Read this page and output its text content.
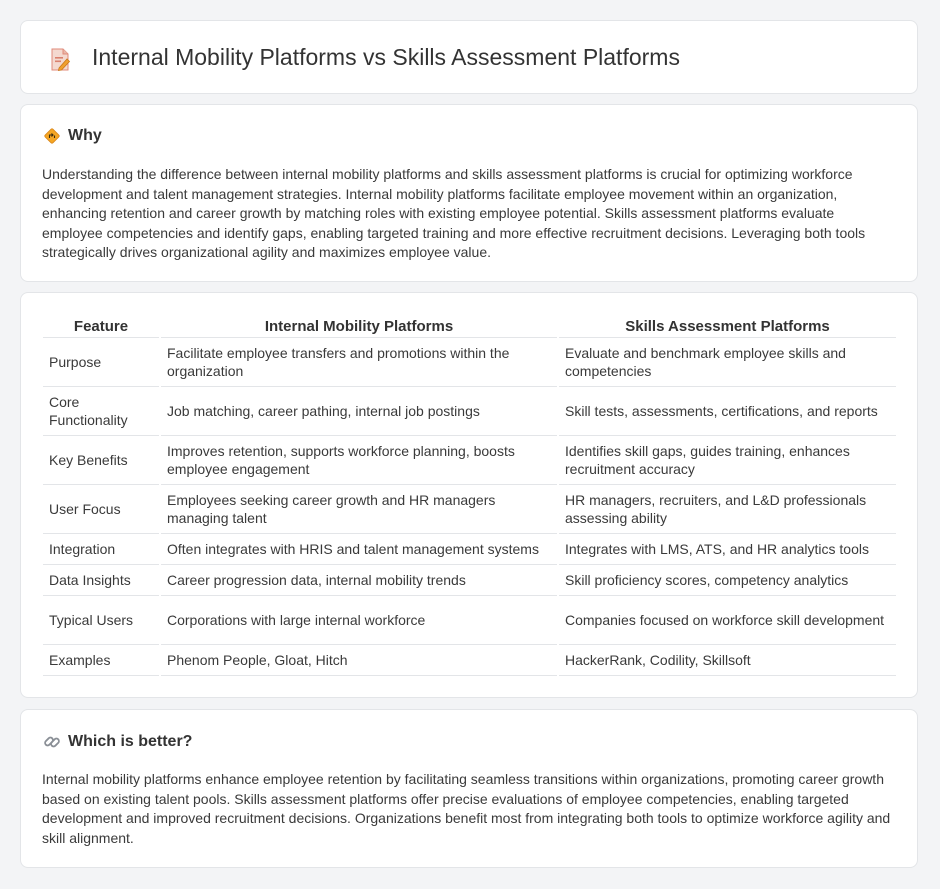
Internal Mobility Platforms vs Skills Assessment Platforms
Why
Understanding the difference between internal mobility platforms and skills assessment platforms is crucial for optimizing workforce development and talent management strategies. Internal mobility platforms facilitate employee movement within an organization, enhancing retention and career growth by matching roles with existing employee potential. Skills assessment platforms evaluate employee competencies and identify gaps, enabling targeted training and more effective recruitment decisions. Leveraging both tools strategically drives organizational agility and maximizes employee value.
Feature	Internal Mobility Platforms	Skills Assessment Platforms
Purpose	Facilitate employee transfers and promotions within the organization	Evaluate and benchmark employee skills and competencies
Core Functionality	Job matching, career pathing, internal job postings	Skill tests, assessments, certifications, and reports
Key Benefits	Improves retention, supports workforce planning, boosts employee engagement	Identifies skill gaps, guides training, enhances recruitment accuracy
User Focus	Employees seeking career growth and HR managers managing talent	HR managers, recruiters, and L&D professionals assessing ability
Integration	Often integrates with HRIS and talent management systems	Integrates with LMS, ATS, and HR analytics tools
Data Insights	Career progression data, internal mobility trends	Skill proficiency scores, competency analytics
Typical Users	Corporations with large internal workforce	Companies focused on workforce skill development
Examples	Phenom People, Gloat, Hitch	HackerRank, Codility, Skillsoft
Which is better?
Internal mobility platforms enhance employee retention by facilitating seamless transitions within organizations, promoting career growth based on existing talent pools. Skills assessment platforms offer precise evaluations of employee competencies, enabling targeted development and improved recruitment decisions. Organizations benefit most from integrating both tools to optimize workforce agility and skill alignment.
